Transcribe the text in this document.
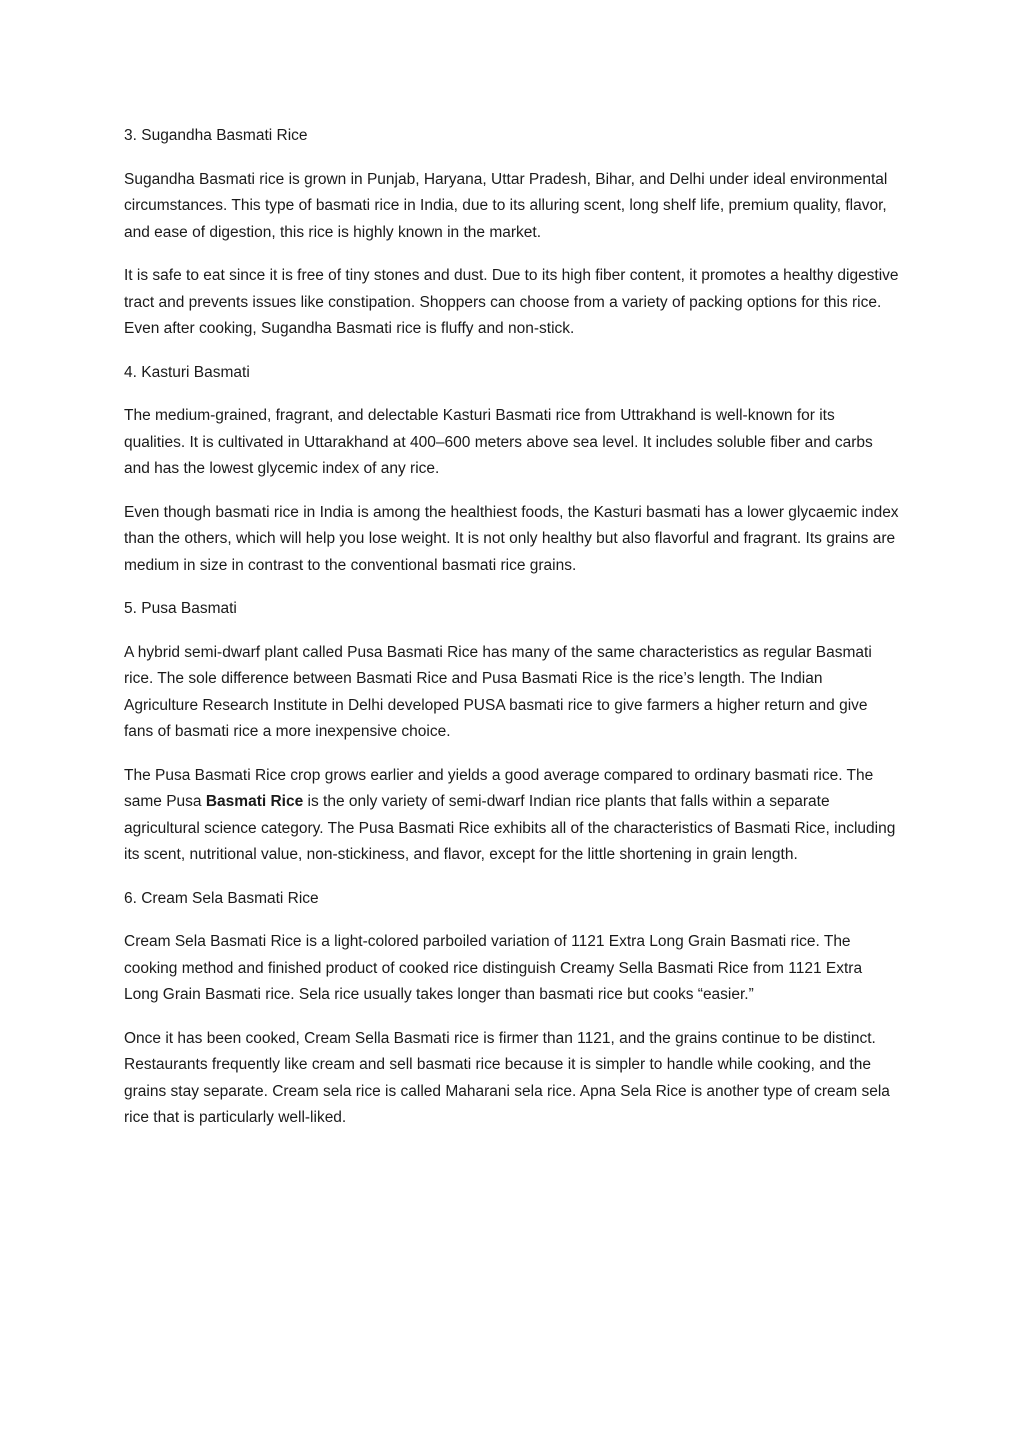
3. Sugandha Basmati Rice

Sugandha Basmati rice is grown in Punjab, Haryana, Uttar Pradesh, Bihar, and Delhi under ideal environmental circumstances. This type of basmati rice in India, due to its alluring scent, long shelf life, premium quality, flavor, and ease of digestion, this rice is highly known in the market.

It is safe to eat since it is free of tiny stones and dust. Due to its high fiber content, it promotes a healthy digestive tract and prevents issues like constipation. Shoppers can choose from a variety of packing options for this rice. Even after cooking, Sugandha Basmati rice is fluffy and non-stick.

4. Kasturi Basmati

The medium-grained, fragrant, and delectable Kasturi Basmati rice from Uttrakhand is well-known for its qualities. It is cultivated in Uttarakhand at 400–600 meters above sea level. It includes soluble fiber and carbs and has the lowest glycemic index of any rice.

Even though basmati rice in India is among the healthiest foods, the Kasturi basmati has a lower glycaemic index than the others, which will help you lose weight. It is not only healthy but also flavorful and fragrant. Its grains are medium in size in contrast to the conventional basmati rice grains.

5. Pusa Basmati

A hybrid semi-dwarf plant called Pusa Basmati Rice has many of the same characteristics as regular Basmati rice. The sole difference between Basmati Rice and Pusa Basmati Rice is the rice’s length. The Indian Agriculture Research Institute in Delhi developed PUSA basmati rice to give farmers a higher return and give fans of basmati rice a more inexpensive choice.

The Pusa Basmati Rice crop grows earlier and yields a good average compared to ordinary basmati rice. The same Pusa Basmati Rice is the only variety of semi-dwarf Indian rice plants that falls within a separate agricultural science category. The Pusa Basmati Rice exhibits all of the characteristics of Basmati Rice, including its scent, nutritional value, non-stickiness, and flavor, except for the little shortening in grain length.

6. Cream Sela Basmati Rice

Cream Sela Basmati Rice is a light-colored parboiled variation of 1121 Extra Long Grain Basmati rice. The cooking method and finished product of cooked rice distinguish Creamy Sella Basmati Rice from 1121 Extra Long Grain Basmati rice. Sela rice usually takes longer than basmati rice but cooks “easier.”

Once it has been cooked, Cream Sella Basmati rice is firmer than 1121, and the grains continue to be distinct. Restaurants frequently like cream and sell basmati rice because it is simpler to handle while cooking, and the grains stay separate. Cream sela rice is called Maharani sela rice. Apna Sela Rice is another type of cream sela rice that is particularly well-liked.
